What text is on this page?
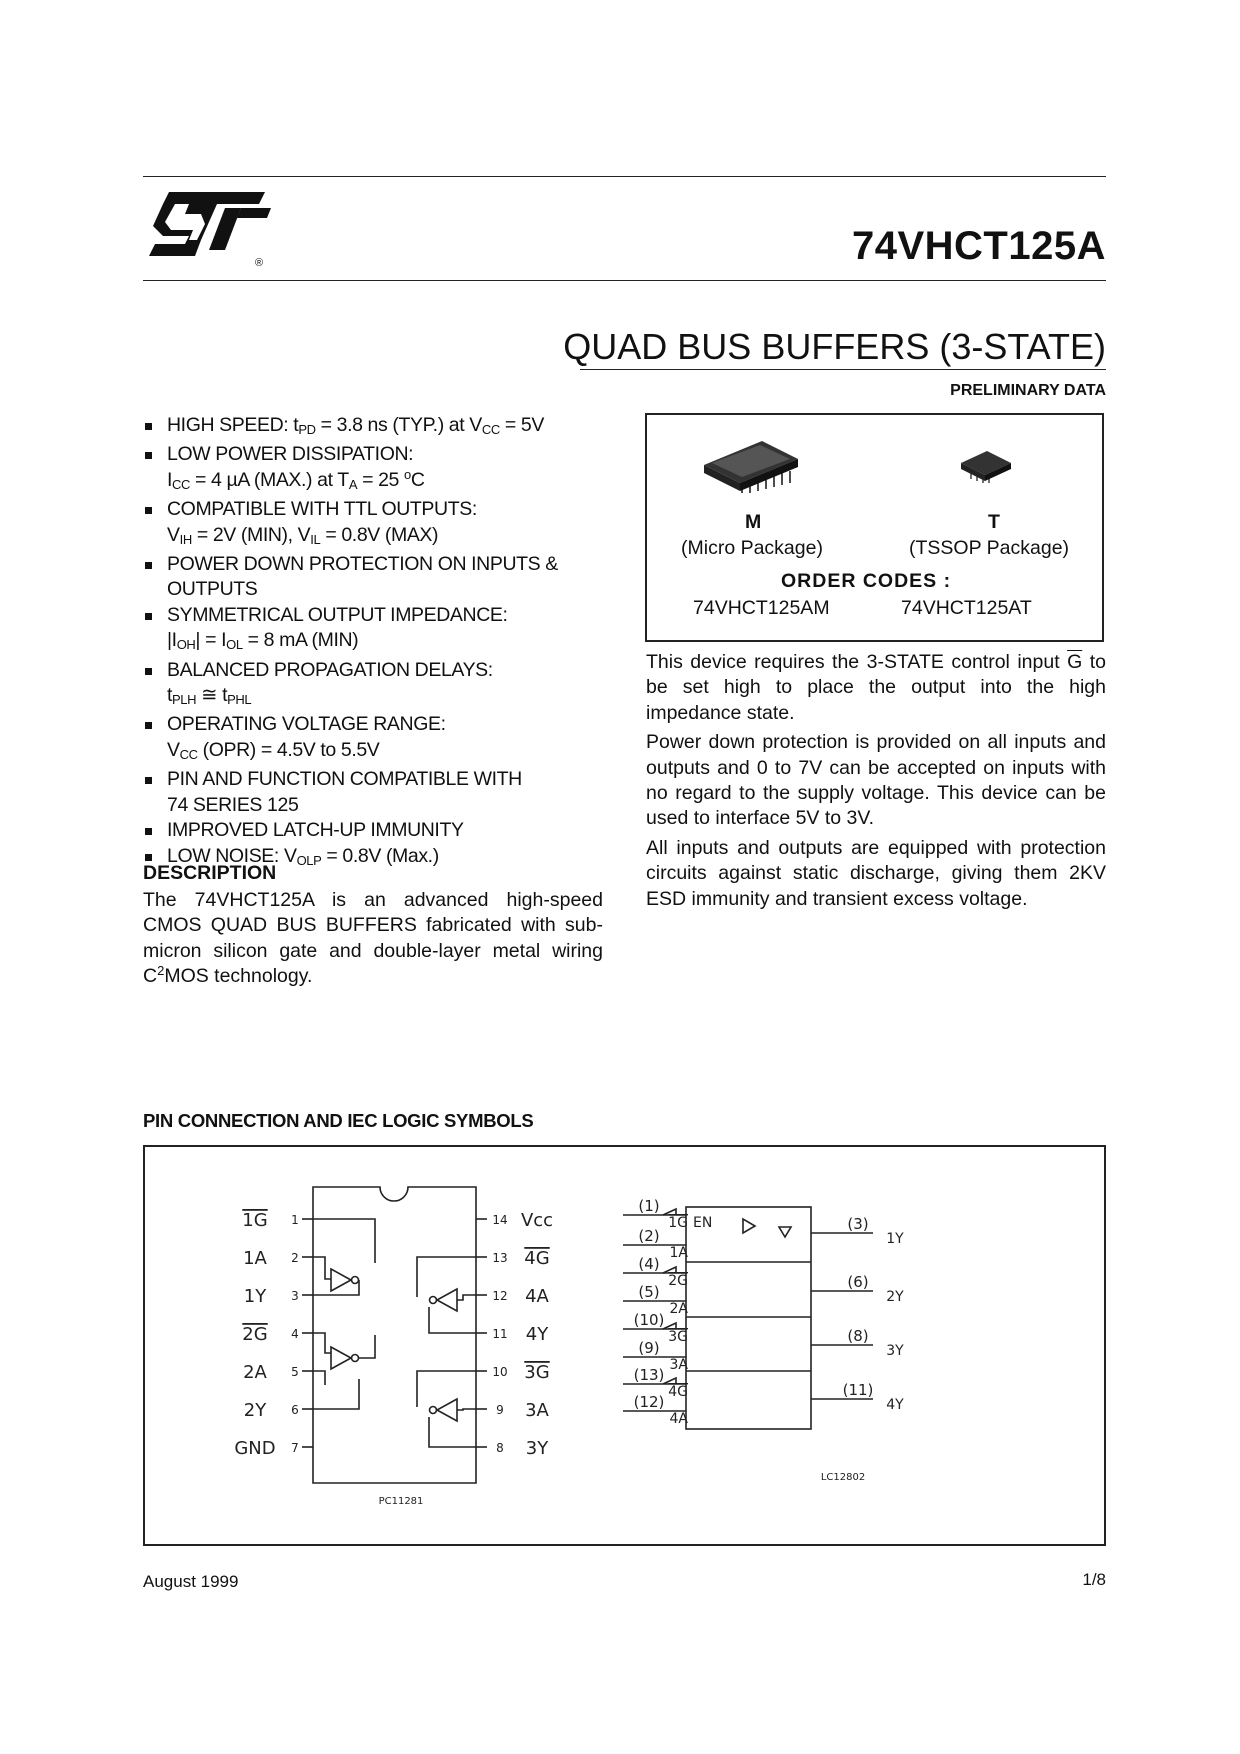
®	74VHCT125A
QUAD BUS BUFFERS (3-STATE)
PRELIMINARY DATA
HIGH SPEED: $t_{PD} = 3.8$ ns (TYP.) at $V_{CC} = 5V$
LOW POWER DISSIPATION:
$I_{CC} = 4$ µA (MAX.) at $T_A = 25$ $^o$C
COMPATIBLE WITH TTL OUTPUTS:
$V_{IH} = 2V$ (MIN), $V_{IL} = 0.8V$ (MAX)
POWER DOWN PROTECTION ON INPUTS &
OUTPUTS
SYMMETRICAL OUTPUT IMPEDANCE:
$|I_{OH}| = I_{OL} = 8$ mA (MIN)
BALANCED PROPAGATION DELAYS:
$t_{PLH}$ ≅ $t_{PHL}$
OPERATING VOLTAGE RANGE:
$V_{CC}$ (OPR) = 4.5V to 5.5V
PIN AND FUNCTION COMPATIBLE WITH
74 SERIES 125
IMPROVED LATCH-UP IMMUNITY
LOW NOISE: $V_{OLP} = 0.8V$ (Max.)
DESCRIPTION
The 74VHCT125A is an advanced high-speed CMOS QUAD BUS BUFFERS fabricated with sub-micron silicon gate and double-layer metal wiring $C^2MOS$ technology.
M
(Micro Package)
T
(TSSOP Package)
ORDER CODES :
74VHCT125AM	74VHCT125AT

This device requires the 3-STATE control input $\overline{G}$ to be set high to place the output into the high impedance state.

Power down protection is provided on all inputs and outputs and 0 to 7V can be accepted on inputs with no regard to the supply voltage. This device can be used to interface 5V to 3V.

All inputs and outputs are equipped with protection circuits against static discharge, giving them 2KV ESD immunity and transient excess voltage.

PIN CONNECTION AND IEC LOGIC SYMBOLS
1G 1
1A 2
1Y 3
2G 4
2A 5
2Y 6
GND 7
14 Vcc
13 4G
12 4A
11 4Y
10 3G
9 3A
8 3Y
PC11281
1G
(1)
1A
(2)
2G
(4)
2A
(5)
3G
(10)
3A
(9)
4G
(13)
4A
(12)
(3)
1Y
(6)
2Y
(8)
3Y
(11)
4Y
EN
LC12802
August 1999	1/8
